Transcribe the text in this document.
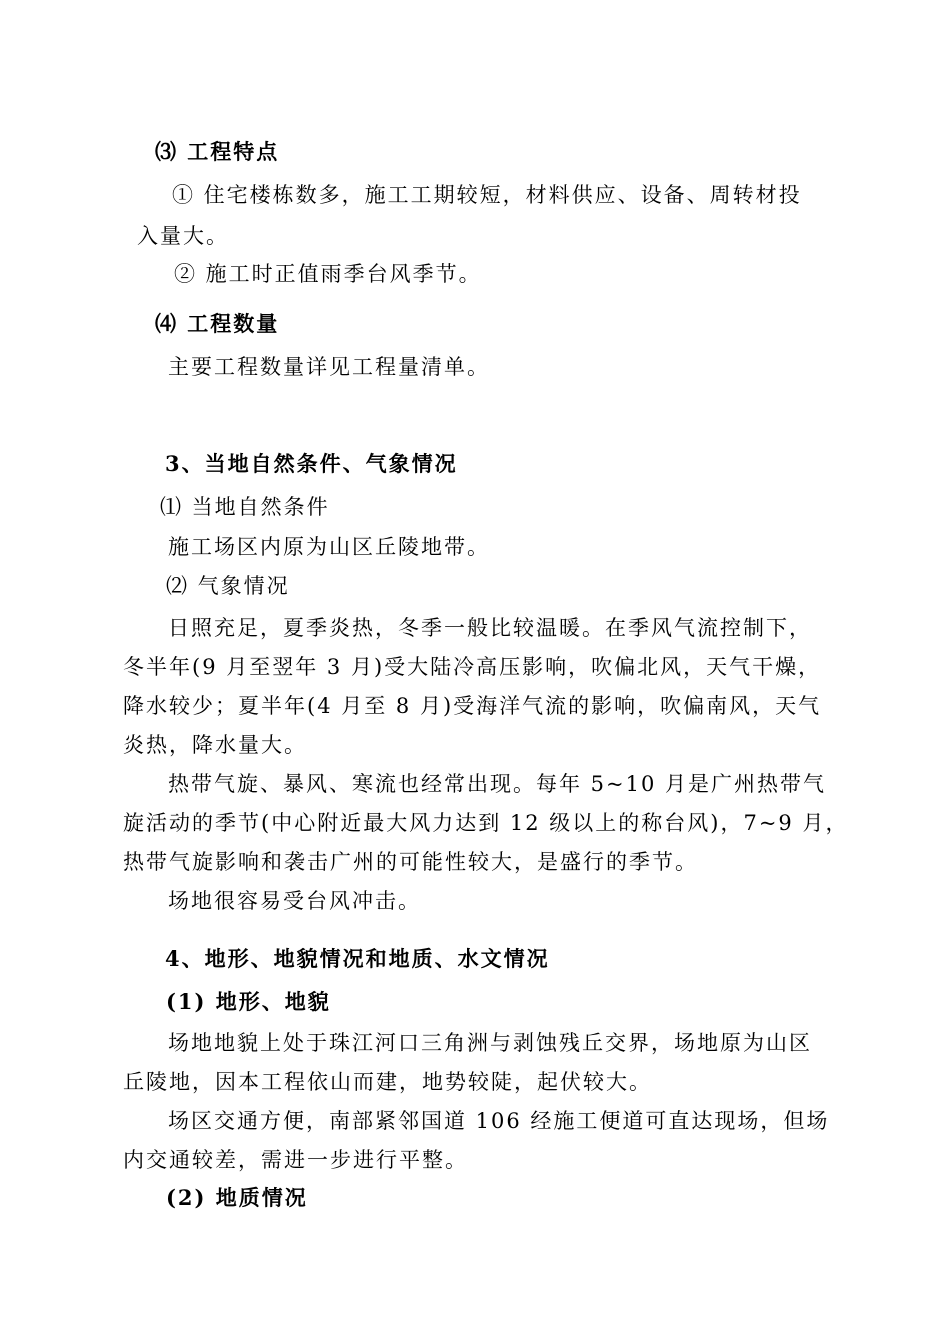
⑶ 工程特点
① 住宅楼栋数多，施工工期较短，材料供应、设备、周转材投
入量大。
② 施工时正值雨季台风季节。
⑷ 工程数量
主要工程数量详见工程量清单。
3、当地自然条件、气象情况
⑴ 当地自然条件
施工场区内原为山区丘陵地带。
⑵ 气象情况
日照充足，夏季炎热，冬季一般比较温暖。在季风气流控制下，
冬半年(9 月至翌年 3 月)受大陆冷高压影响，吹偏北风，天气干燥，
降水较少；夏半年(4 月至 8 月)受海洋气流的影响，吹偏南风，天气
炎热，降水量大。
热带气旋、暴风、寒流也经常出现。每年 5~10 月是广州热带气
旋活动的季节(中心附近最大风力达到 12 级以上的称台风)，7~9 月，
热带气旋影响和袭击广州的可能性较大，是盛行的季节。
场地很容易受台风冲击。
4、地形、地貌情况和地质、水文情况
(1) 地形、地貌
场地地貌上处于珠江河口三角洲与剥蚀残丘交界，场地原为山区
丘陵地，因本工程依山而建，地势较陡，起伏较大。
场区交通方便，南部紧邻国道 106 经施工便道可直达现场，但场
内交通较差，需进一步进行平整。
(2) 地质情况
